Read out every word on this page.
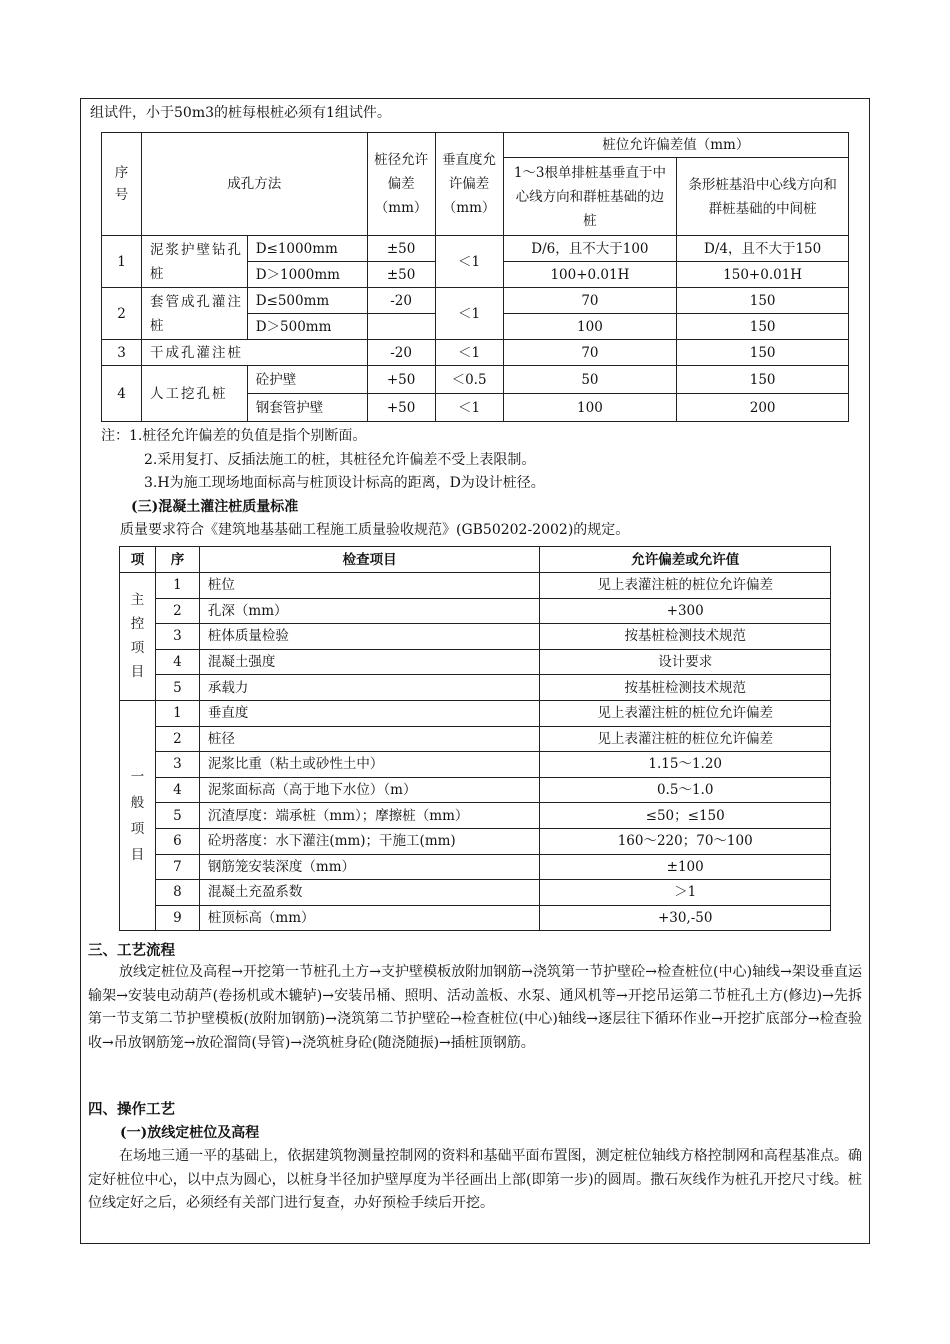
组试件，小于50m3的桩每根桩必须有1组试件。
序号	成孔方法		桩径允许偏差（mm）	垂直度允许偏差（mm）	桩位允许偏差值（mm）	
					1～3根单排桩基垂直于中心线方向和群桩基础的边桩	条形桩基沿中心线方向和群桩基础的中间桩
1	泥浆护壁钻孔桩	D≤1000mm	±50	＜1	D/6，且不大于100	D/4，且不大于150
		D＞1000mm	±50		100+0.01H	150+0.01H
2	套管成孔灌注桩	D≤500mm	-20	＜1	70	150
		D＞500mm			100	150
3	干成孔灌注桩		-20	＜1	70	150
4	人工挖孔桩	砼护壁	+50	＜0.5	50	150
		钢套管护壁	+50	＜1	100	200
注：1.桩径允许偏差的负值是指个别断面。
2.采用复打、反插法施工的桩，其桩径允许偏差不受上表限制。
3.H为施工现场地面标高与桩顶设计标高的距离，D为设计桩径。
(三)混凝土灌注桩质量标准
质量要求符合《建筑地基基础工程施工质量验收规范》(GB50202-2002)的规定。
项	序	检查项目	允许偏差或允许值
主控项目	1	桩位	见上表灌注桩的桩位允许偏差
	2	孔深（mm）	+300
	3	桩体质量检验	按基桩检测技术规范
	4	混凝土强度	设计要求
	5	承载力	按基桩检测技术规范
一般项目	1	垂直度	见上表灌注桩的桩位允许偏差
	2	桩径	见上表灌注桩的桩位允许偏差
	3	泥浆比重（粘土或砂性土中）	1.15～1.20
	4	泥浆面标高（高于地下水位）（m）	0.5～1.0
	5	沉渣厚度：端承桩（mm）；摩擦桩（mm）	≤50；≤150
	6	砼坍落度：水下灌注(mm)；干施工(mm)	160～220；70～100
	7	钢筋笼安装深度（mm）	±100
	8	混凝土充盈系数	＞1
	9	桩顶标高（mm）	+30,-50
三、工艺流程
放线定桩位及高程→开挖第一节桩孔土方→支护壁模板放附加钢筋→浇筑第一节护壁砼→检查桩位(中心)轴线→架设垂直运输架→安装电动葫芦(卷扬机或木辘轳)→安装吊桶、照明、活动盖板、水泵、通风机等→开挖吊运第二节桩孔土方(修边)→先拆第一节支第二节护壁模板(放附加钢筋)→浇筑第二节护壁砼→检查桩位(中心)轴线→逐层往下循环作业→开挖扩底部分→检查验收→吊放钢筋笼→放砼溜筒(导管)→浇筑桩身砼(随浇随振)→插桩顶钢筋。
四、操作工艺
(一)放线定桩位及高程
在场地三通一平的基础上，依据建筑物测量控制网的资料和基础平面布置图，测定桩位轴线方格控制网和高程基准点。确定好桩位中心，以中点为圆心，以桩身半径加护壁厚度为半径画出上部(即第一步)的圆周。撒石灰线作为桩孔开挖尺寸线。桩位线定好之后，必须经有关部门进行复查，办好预检手续后开挖。
